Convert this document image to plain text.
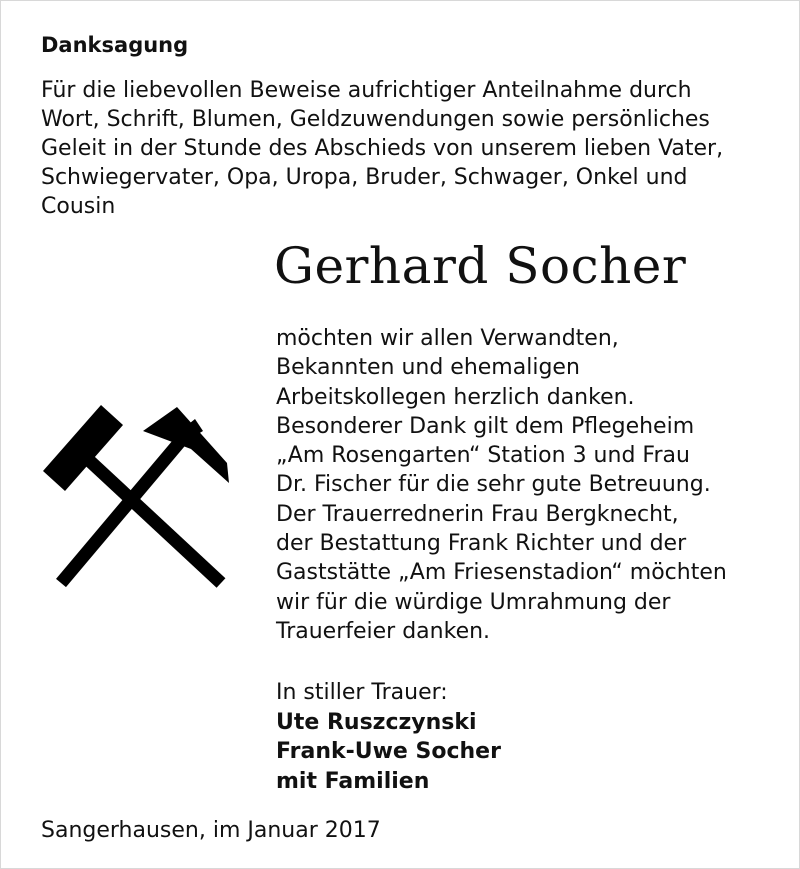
Danksagung
Für die liebevollen Beweise aufrichtiger Anteilnahme durch
Wort, Schrift, Blumen, Geldzuwendungen sowie persönliches
Geleit in der Stunde des Abschieds von unserem lieben Vater,
Schwiegervater, Opa, Uropa, Bruder, Schwager, Onkel und
Cousin
Gerhard Socher
möchten wir allen Verwandten,
Bekannten und ehemaligen
Arbeitskollegen herzlich danken.
Besonderer Dank gilt dem Pflegeheim
„Am Rosengarten“ Station 3 und Frau
Dr. Fischer für die sehr gute Betreuung.
Der Trauerrednerin Frau Bergknecht,
der Bestattung Frank Richter und der
Gaststätte „Am Friesenstadion“ möchten
wir für die würdige Umrahmung der
Trauerfeier danken.
In stiller Trauer:
Ute Ruszczynski
Frank-Uwe Socher
mit Familien
Sangerhausen, im Januar 2017
